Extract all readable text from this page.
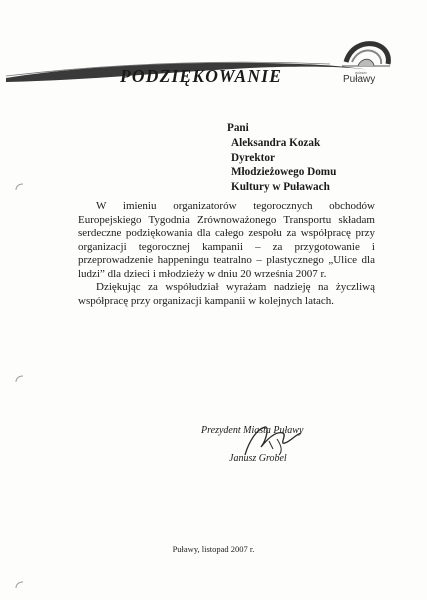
miasto
Puławy
PODZIĘKOWANIE
Pani
Aleksandra Kozak
Dyrektor
Młodzieżowego Domu
Kultury w Puławach

W imieniu organizatorów tegorocznych obchodów Europejskiego Tygodnia Zrównoważonego Transportu składam serdeczne podziękowania dla całego zespołu za współpracę przy organizacji tegorocznej kampanii – za przygotowanie i przeprowadzenie happeningu teatralno – plastycznego „Ulice dla ludzi” dla dzieci i młodzieży w dniu 20 września 2007 r.

Dziękując za współudział wyrażam nadzieję na życzliwą współpracę przy organizacji kampanii w kolejnych latach.

Prezydent Miasta Puławy
Janusz Grobel
Puławy, listopad 2007 r.
